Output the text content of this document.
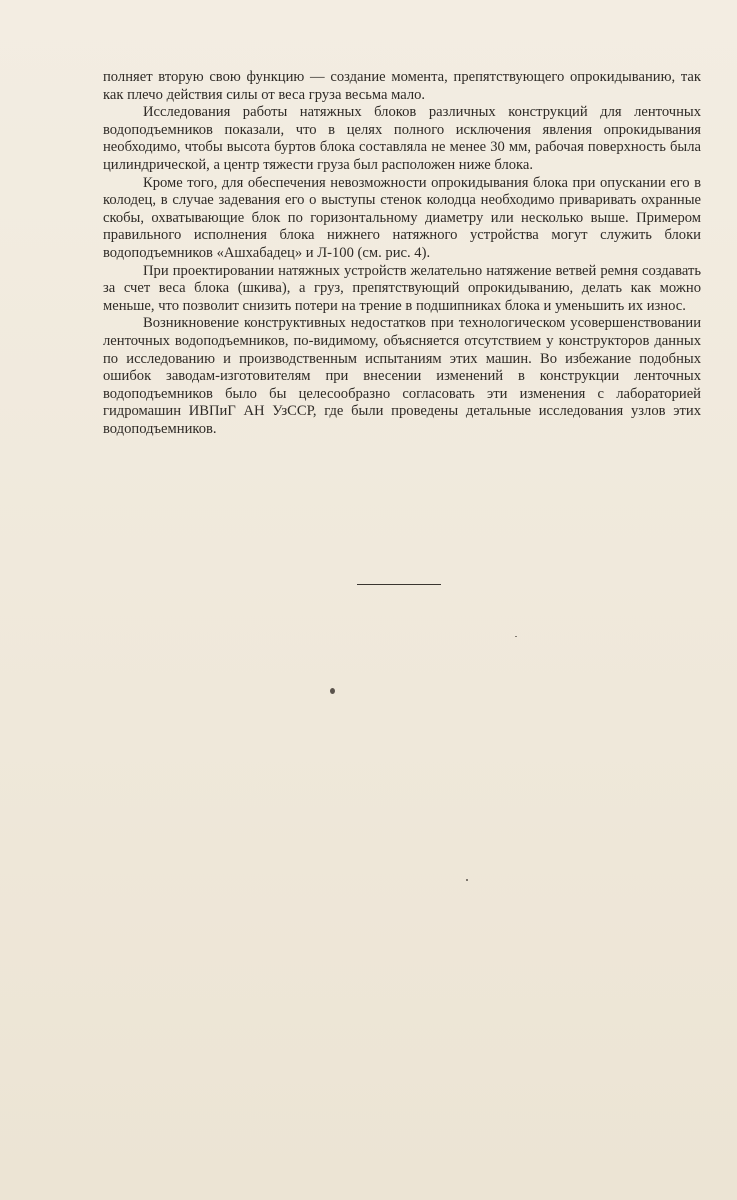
полняет вторую свою функцию — создание момента, препятствующего опрокидыванию, так как плечо действия силы от веса груза весьма мало.

Исследования работы натяжных блоков различных конструкций для ленточных водоподъемников показали, что в целях полного исключения явления опрокидывания необходимо, чтобы высота буртов блока составляла не менее 30 мм, рабочая поверхность была цилиндрической, а центр тяжести груза был расположен ниже блока.

Кроме того, для обеспечения невозможности опрокидывания блока при опускании его в колодец, в случае задевания его о выступы стенок колодца необходимо приваривать охранные скобы, охватывающие блок по горизонтальному диаметру или несколько выше. Примером правильного исполнения блока нижнего натяжного устройства могут служить блоки водоподъемников «Ашхабадец» и Л-100 (см. рис. 4).

При проектировании натяжных устройств желательно натяжение ветвей ремня создавать за счет веса блока (шкива), а груз, препятствующий опрокидыванию, делать как можно меньше, что позволит снизить потери на трение в подшипниках блока и уменьшить их износ.

Возникновение конструктивных недостатков при технологическом усовершенствовании ленточных водоподъемников, по-видимому, объясняется отсутствием у конструкторов данных по исследованию и производственным испытаниям этих машин. Во избежание подобных ошибок заводам-изготовителям при внесении изменений в конструкции ленточных водоподъемников было бы целесообразно согласовать эти изменения с лабораторией гидромашин ИВПиГ АН УзССР, где были проведены детальные исследования узлов этих водоподъемников.
